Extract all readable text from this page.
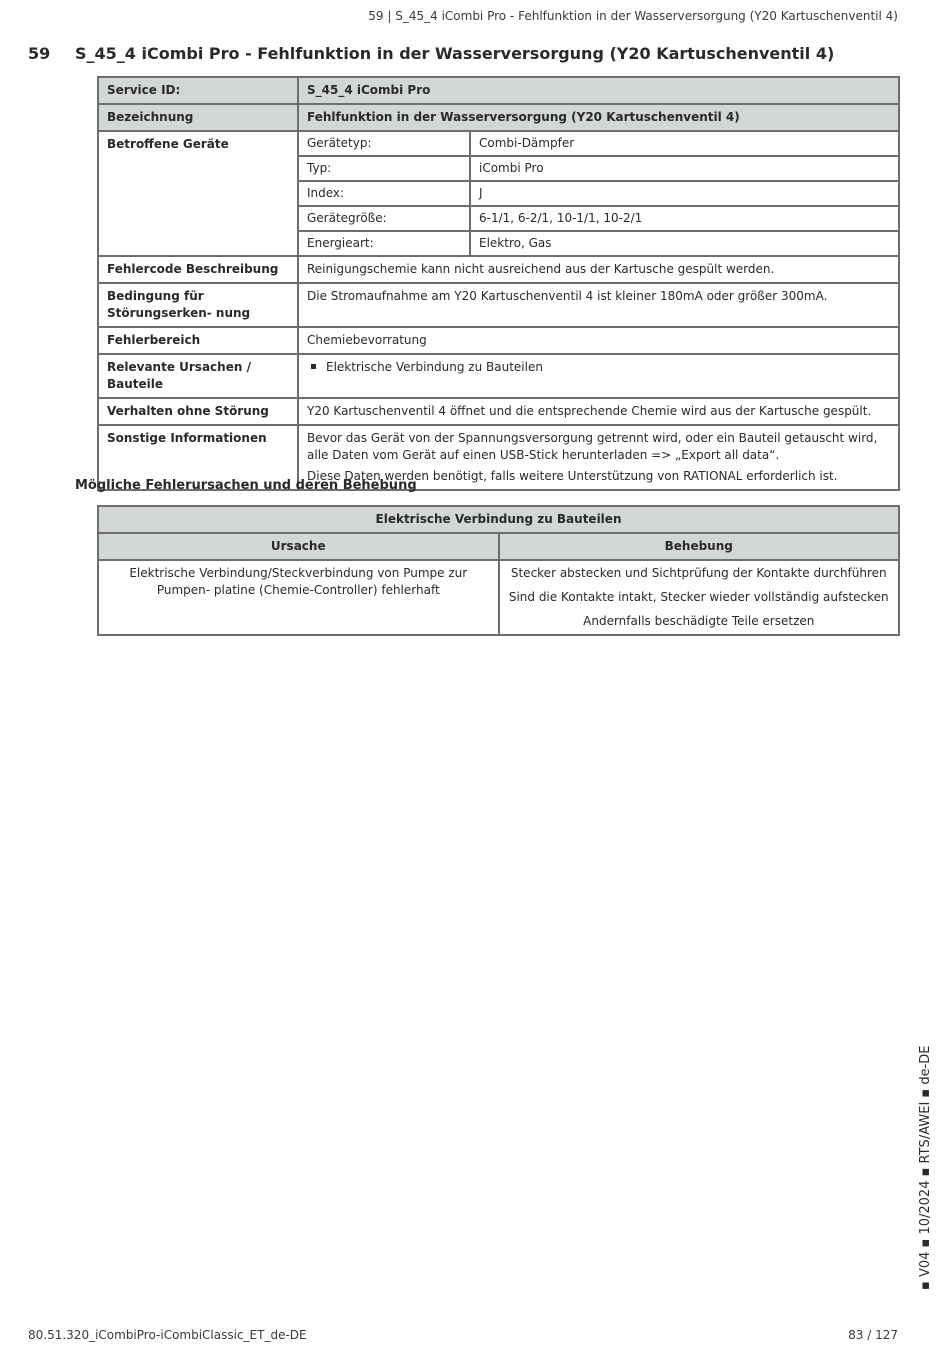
59 | S_45_4 iCombi Pro - Fehlfunktion in der Wasserversorgung (Y20 Kartuschenventil 4)
59 S_45_4 iCombi Pro - Fehlfunktion in der Wasserversorgung (Y20 Kartuschenventil 4)
Service ID:	S_45_4 iCombi Pro
Bezeichnung	Fehlfunktion in der Wasserversorgung (Y20 Kartuschenventil 4)
Betroffene Geräte		Gerätetyp:	Combi-Dämpfer
Typ:	iCombi Pro
Index:	J
Gerätegröße:	6-1/1, 6-2/1, 10-1/1, 10-2/1
Energieart:	Elektro, Gas

Fehlercode Beschreibung	Reinigungschemie kann nicht ausreichend aus der Kartusche gespült werden.
Bedingung für Störungserken- nung	Die Stromaufnahme am Y20 Kartuschenventil 4 ist kleiner 180mA oder größer 300mA.
Fehlerbereich	Chemiebevorratung
Relevante Ursachen / Bauteile	Elektrische Verbindung zu Bauteilen
Verhalten ohne Störung	Y20 Kartuschenventil 4 öffnet und die entsprechende Chemie wird aus der Kartusche gespült.
Sonstige Informationen	Bevor das Gerät von der Spannungsversorgung getrennt wird, oder ein Bauteil getauscht wird, alle Daten vom Gerät auf einen USB-Stick herunterladen => „Export all data“.
Diese Daten werden benötigt, falls weitere Unterstützung von RATIONAL erforderlich ist.
Mögliche Fehlerursachen und deren Behebung
Elektrische Verbindung zu Bauteilen	
Ursache	Behebung
Elektrische Verbindung/Steckverbindung von Pumpe zur Pumpen- platine (Chemie-Controller) fehlerhaft	Stecker abstecken und Sichtprüfung der Kontakte durchführen
Sind die Kontakte intakt, Stecker wieder vollständig aufstecken
Andernfalls beschädigte Teile ersetzen
▪ V04 ▪ 10/2024 ▪ RTS/AWEI ▪ de-DE
80.51.320_iCombiPro-iCombiClassic_ET_de-DE	83 / 127
